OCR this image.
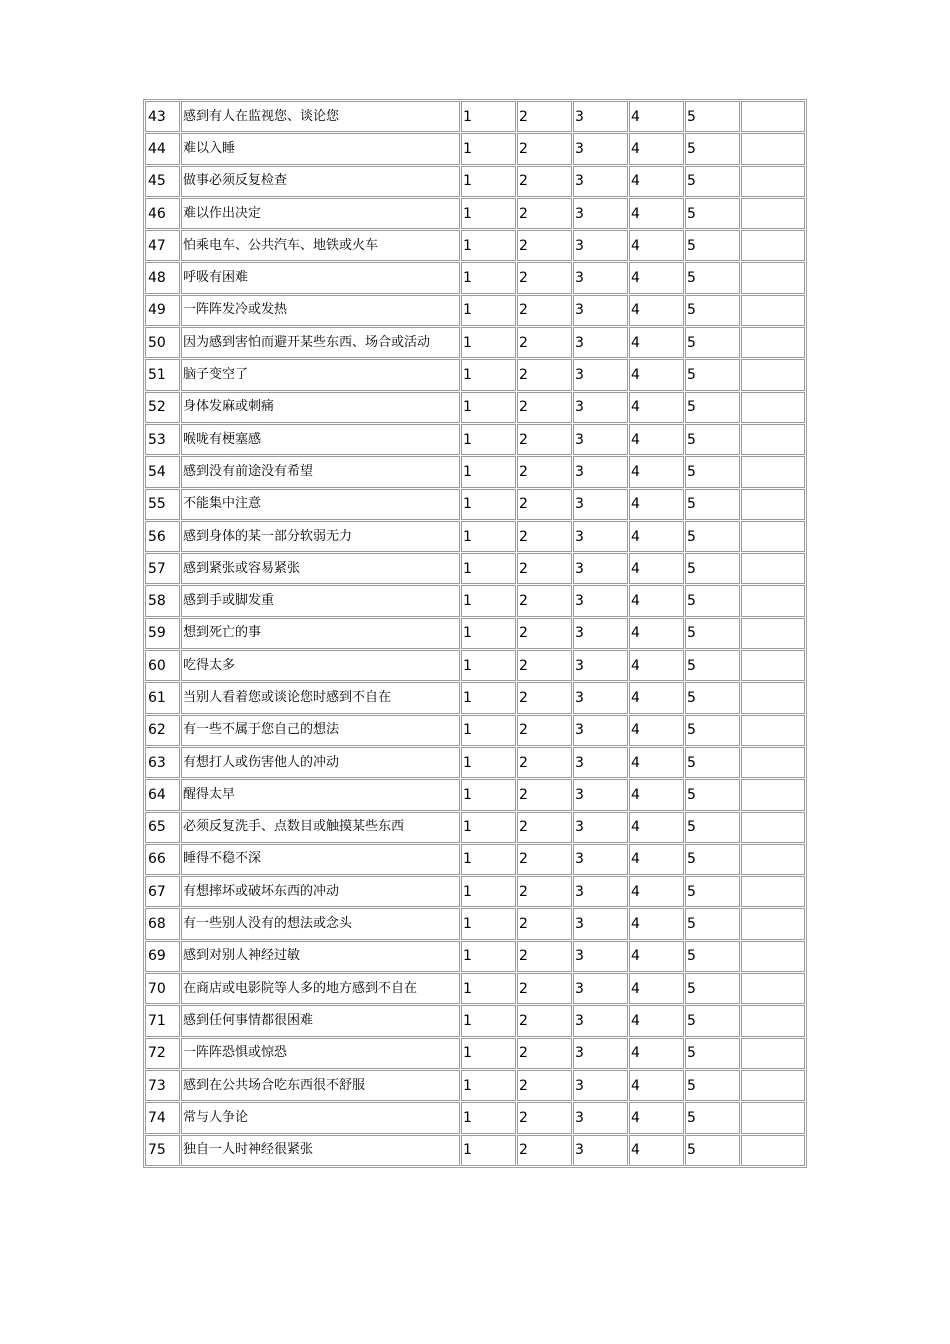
43	感到有人在监视您、谈论您	1	2	3	4	5	
44	难以入睡	1	2	3	4	5	
45	做事必须反复检查	1	2	3	4	5	
46	难以作出决定	1	2	3	4	5	
47	怕乘电车、公共汽车、地铁或火车	1	2	3	4	5	
48	呼吸有困难	1	2	3	4	5	
49	一阵阵发冷或发热	1	2	3	4	5	
50	因为感到害怕而避开某些东西、场合或活动	1	2	3	4	5	
51	脑子变空了	1	2	3	4	5	
52	身体发麻或刺痛	1	2	3	4	5	
53	喉咙有梗塞感	1	2	3	4	5	
54	感到没有前途没有希望	1	2	3	4	5	
55	不能集中注意	1	2	3	4	5	
56	感到身体的某一部分软弱无力	1	2	3	4	5	
57	感到紧张或容易紧张	1	2	3	4	5	
58	感到手或脚发重	1	2	3	4	5	
59	想到死亡的事	1	2	3	4	5	
60	吃得太多	1	2	3	4	5	
61	当别人看着您或谈论您时感到不自在	1	2	3	4	5	
62	有一些不属于您自己的想法	1	2	3	4	5	
63	有想打人或伤害他人的冲动	1	2	3	4	5	
64	醒得太早	1	2	3	4	5	
65	必须反复洗手、点数目或触摸某些东西	1	2	3	4	5	
66	睡得不稳不深	1	2	3	4	5	
67	有想摔坏或破坏东西的冲动	1	2	3	4	5	
68	有一些别人没有的想法或念头	1	2	3	4	5	
69	感到对别人神经过敏	1	2	3	4	5	
70	在商店或电影院等人多的地方感到不自在	1	2	3	4	5	
71	感到任何事情都很困难	1	2	3	4	5	
72	一阵阵恐惧或惊恐	1	2	3	4	5	
73	感到在公共场合吃东西很不舒服	1	2	3	4	5	
74	常与人争论	1	2	3	4	5	
75	独自一人时神经很紧张	1	2	3	4	5	
